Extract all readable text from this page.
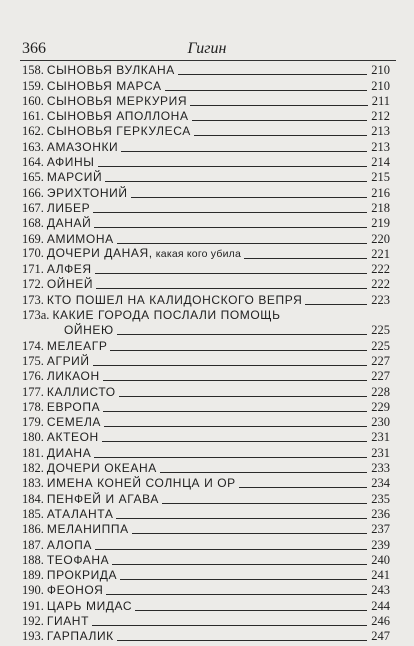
366	Гигин
158. СЫНОВЬЯ ВУЛКАНА	210
159. СЫНОВЬЯ МАРСА	210
160. СЫНОВЬЯ МЕРКУРИЯ	211
161. СЫНОВЬЯ АПОЛЛОНА	212
162. СЫНОВЬЯ ГЕРКУЛЕСА	213
163. АМАЗОНКИ	213
164. АФИНЫ	214
165. МАРСИЙ	215
166. ЭРИХТОНИЙ	216
167. ЛИБЕР	218
168. ДАНАЙ	219
169. АМИМОНА	220
170. ДОЧЕРИ ДАНАЯ, какая кого убила	221
171. АЛФЕЯ	222
172. ОЙНЕЙ	222
173. КТО ПОШЕЛ НА КАЛИДОНСКОГО ВЕПРЯ	223
173а. КАКИЕ ГОРОДА ПОСЛАЛИ ПОМОЩЬ
ОЙНЕЮ	225
174. МЕЛЕАГР	225
175. АГРИЙ	227
176. ЛИКАОН	227
177. КАЛЛИСТО	228
178. ЕВРОПА	229
179. СЕМЕЛА	230
180. АКТЕОН	231
181. ДИАНА	231
182. ДОЧЕРИ ОКЕАНА	233
183. ИМЕНА КОНЕЙ СОЛНЦА И ОР	234
184. ПЕНФЕЙ И АГАВА	235
185. АТАЛАНТА	236
186. МЕЛАНИППА	237
187. АЛОПА	239
188. ТЕОФАНА	240
189. ПРОКРИДА	241
190. ФЕОНОЯ	243
191. ЦАРЬ МИДАС	244
192. ГИАНТ	246
193. ГАРПАЛИК	247
